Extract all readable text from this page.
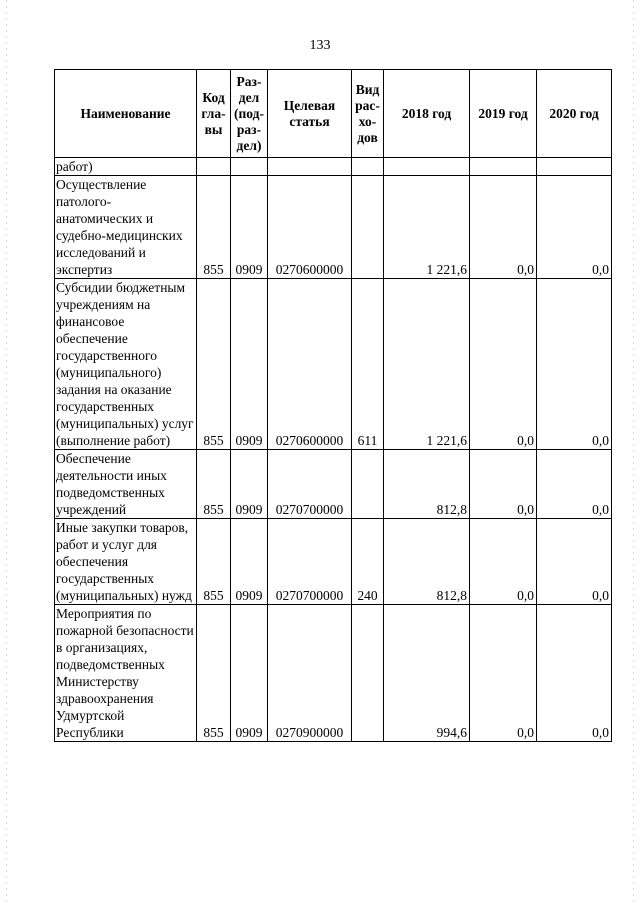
133
Наименование	Код
гла-
вы	Раз-
дел
(под-
раз-
дел)	Целевая статья	Вид
рас-
хо-
дов	2018 год	2019 год	2020 год
работ)							
Осуществление патолого-анатомических и судебно-медицинских исследований и экспертиз	855	0909	0270600000		1 221,6	0,0	0,0
Субсидии бюджетным учреждениям на финансовое обеспечение государственного (муниципального) задания на оказание государственных (муниципальных) услуг (выполнение работ)	855	0909	0270600000	611	1 221,6	0,0	0,0
Обеспечение деятельности иных подведомственных учреждений	855	0909	0270700000		812,8	0,0	0,0
Иные закупки товаров, работ и услуг для обеспечения государственных (муниципальных) нужд	855	0909	0270700000	240	812,8	0,0	0,0
Мероприятия по пожарной безопасности в организациях, подведомственных Министерству здравоохранения Удмуртской Республики	855	0909	0270900000		994,6	0,0	0,0
